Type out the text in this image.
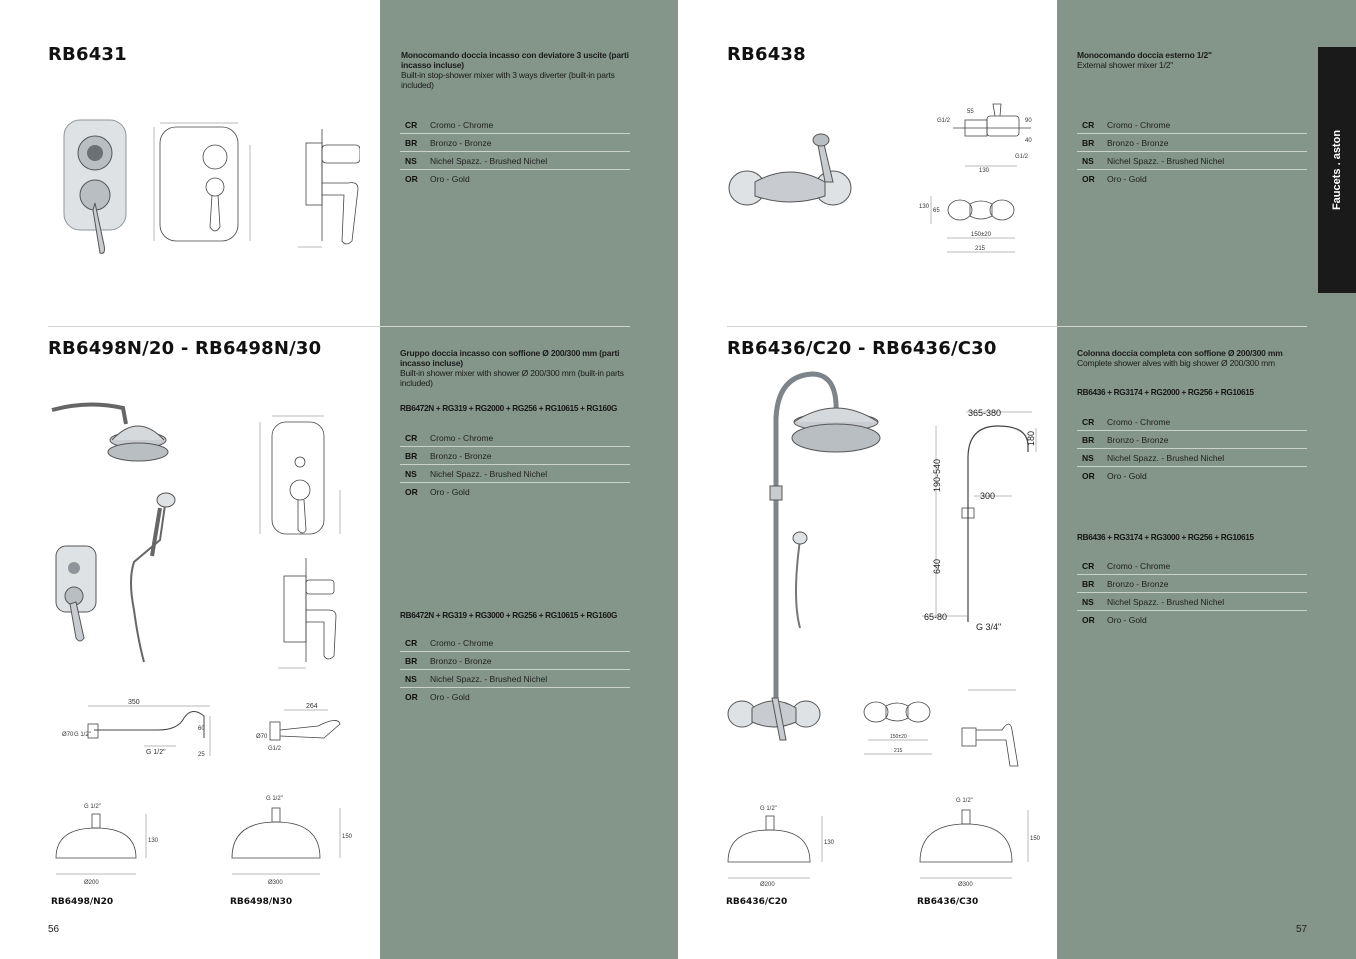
Faucets . aston
RB6431	Monocomando doccia incasso con deviatore 3 uscite (parti incasso incluse)
Built-in stop-shower mixer with 3 ways diverter (built-in parts included)
CR	Cromo - Chrome
BR	Bronzo - Bronze
NS	Nichel Spazz. - Brushed Nichel
OR	Oro - Gold
RB6438	Monocomando doccia esterno 1/2"
External shower mixer 1/2"
CR	Cromo - Chrome
BR	Bronzo - Bronze
NS	Nichel Spazz. - Brushed Nichel
OR	Oro - Gold
G1/2
55
90
40
G1/2
130
130
65
150±20
215
RB6498N/20 - RB6498N/30	Gruppo doccia incasso con soffione Ø 200/300 mm (parti incasso incluse)
Built-in shower mixer with shower Ø 200/300 mm (built-in parts included)
RB6472N + RG319 + RG2000 + RG256 + RG10615 + RG160G
CR	Cromo - Chrome
BR	Bronzo - Bronze
NS	Nichel Spazz. - Brushed Nichel
OR	Oro - Gold
RB6472N + RG319 + RG3000 + RG256 + RG10615 + RG160G
CR	Cromo - Chrome
BR	Bronzo - Bronze
NS	Nichel Spazz. - Brushed Nichel
OR	Oro - Gold
350
Ø70 G 1/2"
60
25
G 1/2"
264
Ø70
G1/2
G 1/2"
130
Ø200
G 1/2"
150
Ø300
RB6498/N20	RB6498/N30
RB6436/C20 - RB6436/C30	Colonna doccia completa con soffione Ø 200/300 mm
Complete shower alves with big shower Ø 200/300 mm
RB6436 + RG3174 + RG2000 + RG256 + RG10615
CR	Cromo - Chrome
BR	Bronzo - Bronze
NS	Nichel Spazz. - Brushed Nichel
OR	Oro - Gold
RB6436 + RG3174 + RG3000 + RG256 + RG10615
CR	Cromo - Chrome
BR	Bronzo - Bronze
NS	Nichel Spazz. - Brushed Nichel
OR	Oro - Gold
365-380
180
190-540
300
640
65-80
G 3/4"
150±20
215
G 1/2"
130
Ø200
G 1/2"
150
Ø300
RB6436/C20	RB6436/C30
56	57
